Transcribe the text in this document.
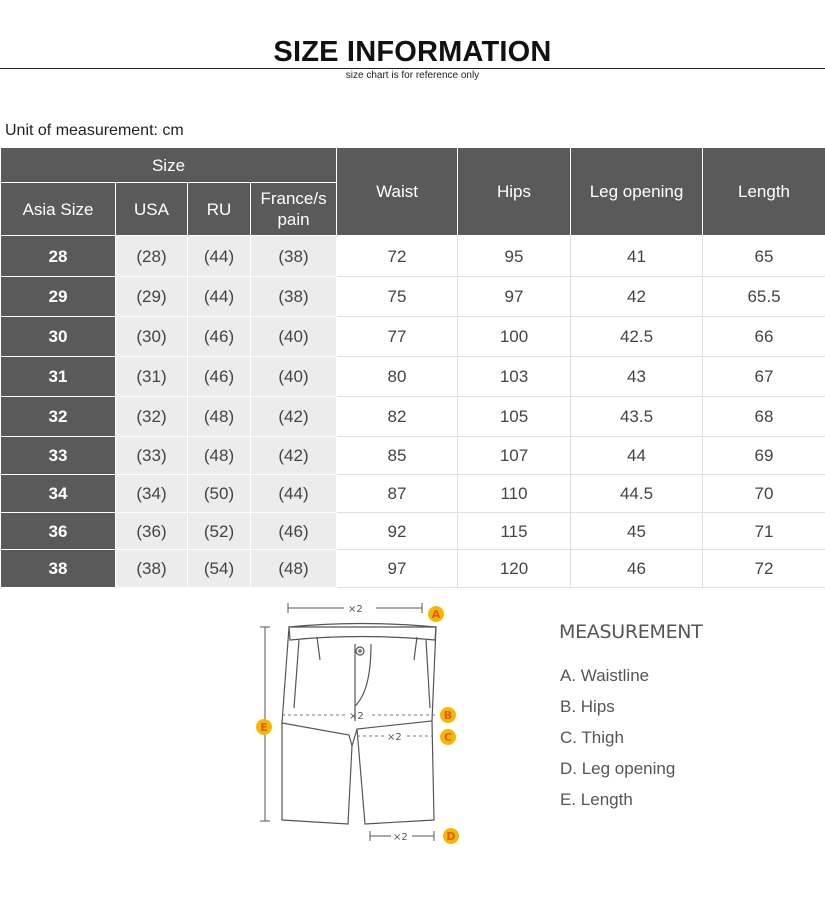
SIZE INFORMATION
size chart is for reference only
Unit of measurement: cm
Size				Waist	Hips	Leg opening	Length
Asia Size	USA	RU	France/s pain				
28	(28)	(44)	(38)	72	95	41	65
29	(29)	(44)	(38)	75	97	42	65.5
30	(30)	(46)	(40)	77	100	42.5	66
31	(31)	(46)	(40)	80	103	43	67
32	(32)	(48)	(42)	82	105	43.5	68
33	(33)	(48)	(42)	85	107	44	69
34	(34)	(50)	(44)	87	110	44.5	70
36	(36)	(52)	(46)	92	115	45	71
38	(38)	(54)	(48)	97	120	46	72
×2
×2
×2
×2
A
B
C
D
E
MEASUREMENT
A. Waistline
B. Hips
C. Thigh
D. Leg opening
E. Length
